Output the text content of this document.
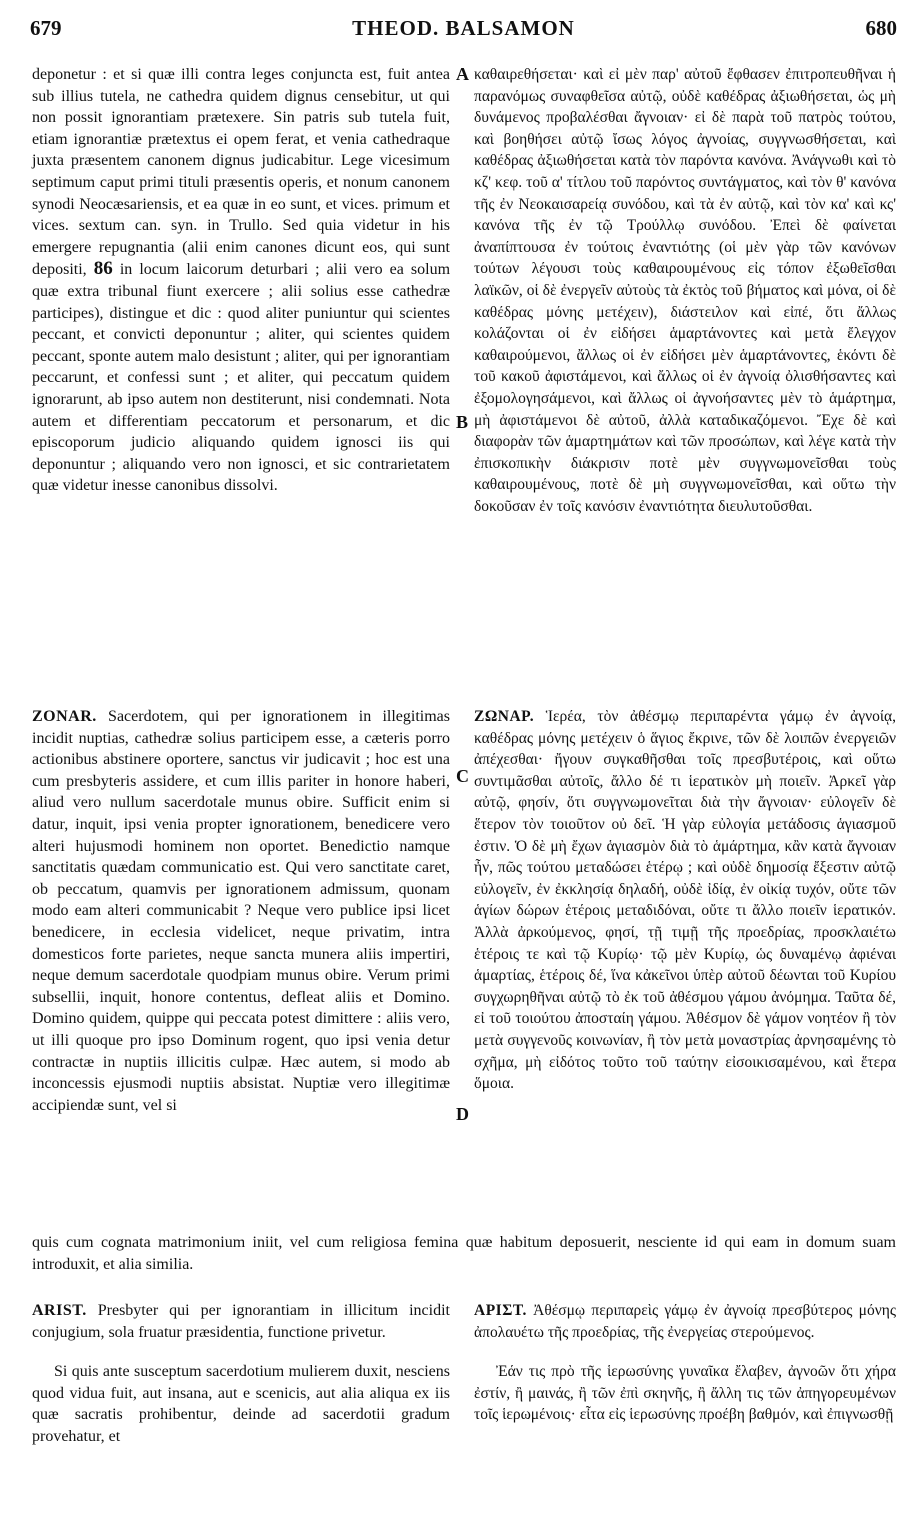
679	THEOD. BALSAMON	680

deponetur : et si quæ illi contra leges conjuncta est, fuit antea sub illius tutela, ne cathedra quidem dignus censebitur, ut qui non possit ignorantiam prætexere. Sin patris sub tutela fuit, etiam ignorantiæ prætextus ei opem ferat, et venia cathedraque juxta præsentem canonem dignus judicabitur. Lege vicesimum septimum caput primi tituli præsentis operis, et nonum canonem synodi Neocæsariensis, et ea quæ in eo sunt, et vices. primum et vices. sextum can. syn. in Trullo. Sed quia videtur in his emergere repugnantia (alii enim canones dicunt eos, qui sunt depositi, 86 in locum laicorum deturbari ; alii vero ea solum quæ extra tribunal fiunt exercere ; alii solius esse cathedræ participes), distingue et dic : quod aliter puniuntur qui scientes peccant, et convicti deponuntur ; aliter, qui scientes quidem peccant, sponte autem malo desistunt ; aliter, qui per ignorantiam peccarunt, et confessi sunt ; et aliter, qui peccatum quidem ignorarunt, ab ipso autem non destiterunt, nisi condemnati. Nota autem et differentiam peccatorum et personarum, et dic episcoporum judicio aliquando quidem ignosci iis qui deponuntur ; aliquando vero non ignosci, et sic contrarietatem quæ videtur inesse canonibus dissolvi.

ZONAR. Sacerdotem, qui per ignorationem in illegitimas incidit nuptias, cathedræ solius participem esse, a cæteris porro actionibus abstinere oportere, sanctus vir judicavit ; hoc est una cum presbyteris assidere, et cum illis pariter in honore haberi, aliud vero nullum sacerdotale munus obire. Sufficit enim si datur, inquit, ipsi venia propter ignorationem, benedicere vero alteri hujusmodi hominem non oportet. Benedictio namque sanctitatis quædam communicatio est. Qui vero sanctitate caret, ob peccatum, quamvis per ignorationem admissum, quonam modo eam alteri communicabit ? Neque vero publice ipsi licet benedicere, in ecclesia videlicet, neque privatim, intra domesticos forte parietes, neque sancta munera aliis impertiri, neque demum sacerdotale quodpiam munus obire. Verum primi subsellii, inquit, honore contentus, defleat aliis et Domino. Domino quidem, quippe qui peccata potest dimittere : aliis vero, ut illi quoque pro ipso Dominum rogent, quo ipsi venia detur contractæ in nuptiis illicitis culpæ. Hæc autem, si modo ab inconcessis ejusmodi nuptiis absistat. Nuptiæ vero illegitimæ accipiendæ sunt, vel si

καθαιρεθήσεται· καὶ εἰ μὲν παρ' αὐτοῦ ἔφθασεν ἐπιτροπευθῆναι ἡ παρανόμως συναφθεῖσα αὐτῷ, οὐδὲ καθέδρας ἀξιωθήσεται, ὡς μὴ δυνάμενος προβαλέσθαι ἄγνοιαν· εἰ δὲ παρὰ τοῦ πατρὸς τούτου, καὶ βοηθήσει αὐτῷ ἴσως λόγος ἀγνοίας, συγγνωσθήσεται, καὶ καθέδρας ἀξιωθήσεται κατὰ τὸν παρόντα κανόνα. Ἀνάγνωθι καὶ τὸ κζ' κεφ. τοῦ α' τίτλου τοῦ παρόντος συντάγματος, καὶ τὸν θ' κανόνα τῆς ἐν Νεοκαισαρείᾳ συνόδου, καὶ τὰ ἐν αὐτῷ, καὶ τὸν κα' καὶ κς' κανόνα τῆς ἐν τῷ Τρούλλῳ συνόδου. Ἐπεὶ δὲ φαίνεται ἀναπίπτουσα ἐν τούτοις ἐναντιότης (οἱ μὲν γὰρ τῶν κανόνων τούτων λέγουσι τοὺς καθαιρουμένους εἰς τόπον ἐξωθεῖσθαι λαϊκῶν, οἱ δὲ ἐνεργεῖν αὐτοὺς τὰ ἐκτὸς τοῦ βήματος καὶ μόνα, οἱ δὲ καθέδρας μόνης μετέχειν), διάστειλον καὶ εἰπέ, ὅτι ἄλλως κολάζονται οἱ ἐν εἰδήσει ἁμαρτάνοντες καὶ μετὰ ἔλεγχον καθαιρούμενοι, ἄλλως οἱ ἐν εἰδήσει μὲν ἁμαρτάνοντες, ἑκόντι δὲ τοῦ κακοῦ ἀφιστάμενοι, καὶ ἄλλως οἱ ἐν ἀγνοίᾳ ὀλισθήσαντες καὶ ἐξομολογησάμενοι, καὶ ἄλλως οἱ ἀγνοήσαντες μὲν τὸ ἁμάρτημα, μὴ ἀφιστάμενοι δὲ αὐτοῦ, ἀλλὰ καταδικαζόμενοι. Ἔχε δὲ καὶ διαφορὰν τῶν ἁμαρτημάτων καὶ τῶν προσώπων, καὶ λέγε κατὰ τὴν ἐπισκοπικὴν διάκρισιν ποτὲ μὲν συγγνωμονεῖσθαι τοὺς καθαιρουμένους, ποτὲ δὲ μὴ συγγνωμονεῖσθαι, καὶ οὕτω τὴν δοκοῦσαν ἐν τοῖς κανόσιν ἐναντιότητα διευλυτοῦσθαι.

ΖΩΝΑΡ. Ἱερέα, τὸν ἀθέσμῳ περιπαρέντα γάμῳ ἐν ἀγνοίᾳ, καθέδρας μόνης μετέχειν ὁ ἅγιος ἔκρινε, τῶν δὲ λοιπῶν ἐνεργειῶν ἀπέχεσθαι· ἤγουν συγκαθῆσθαι τοῖς πρεσβυτέροις, καὶ οὕτω συντιμᾶσθαι αὐτοῖς, ἄλλο δέ τι ἱερατικὸν μὴ ποιεῖν. Ἀρκεῖ γὰρ αὐτῷ, φησίν, ὅτι συγγνωμονεῖται διὰ τὴν ἄγνοιαν· εὐλογεῖν δὲ ἕτερον τὸν τοιοῦτον οὐ δεῖ. Ἡ γὰρ εὐλογία μετάδοσις ἁγιασμοῦ ἐστιν. Ὁ δὲ μὴ ἔχων ἁγιασμὸν διὰ τὸ ἁμάρτημα, κἂν κατὰ ἄγνοιαν ἦν, πῶς τούτου μεταδώσει ἑτέρῳ ; καὶ οὐδὲ δημοσίᾳ ἔξεστιν αὐτῷ εὐλογεῖν, ἐν ἐκκλησίᾳ δηλαδή, οὐδὲ ἰδίᾳ, ἐν οἰκίᾳ τυχόν, οὔτε τῶν ἁγίων δώρων ἑτέροις μεταδιδόναι, οὔτε τι ἄλλο ποιεῖν ἱερατικόν. Ἀλλὰ ἀρκούμενος, φησί, τῇ τιμῇ τῆς προεδρίας, προσκλαιέτω ἑτέροις τε καὶ τῷ Κυρίῳ· τῷ μὲν Κυρίῳ, ὡς δυναμένῳ ἀφιέναι ἁμαρτίας, ἑτέροις δέ, ἵνα κἀκεῖνοι ὑπὲρ αὐτοῦ δέωνται τοῦ Κυρίου συγχωρηθῆναι αὐτῷ τὸ ἐκ τοῦ ἀθέσμου γάμου ἀνόμημα. Ταῦτα δέ, εἰ τοῦ τοιούτου ἀποσταίη γάμου. Ἀθέσμον δὲ γάμον νοητέον ἢ τὸν μετὰ συγγενοῦς κοινωνίαν, ἢ τὸν μετὰ μοναστρίας ἀρνησαμένης τὸ σχῆμα, μὴ εἰδότος τοῦτο τοῦ ταύτην εἰσοικισαμένου, καὶ ἕτερα ὅμοια.

quis cum cognata matrimonium iniit, vel cum religiosa femina quæ habitum deposuerit, nesciente id qui eam in domum suam introduxit, et alia similia.

ARIST. Presbyter qui per ignorantiam in illicitum incidit conjugium, sola fruatur præsidentia, functione privetur.

Si quis ante susceptum sacerdotium mulierem duxit, nesciens quod vidua fuit, aut insana, aut e scenicis, aut alia aliqua ex iis quæ sacratis prohibentur, deinde ad sacerdotii gradum provehatur, et

ΑΡΙΣΤ. Ἀθέσμῳ περιπαρεὶς γάμῳ ἐν ἀγνοίᾳ πρεσβύτερος μόνης ἀπολαυέτω τῆς προεδρίας, τῆς ἐνεργείας στερούμενος.

Ἐάν τις πρὸ τῆς ἱερωσύνης γυναῖκα ἔλαβεν, ἀγνοῶν ὅτι χήρα ἐστίν, ἢ μαινάς, ἢ τῶν ἐπὶ σκηνῆς, ἢ ἄλλη τις τῶν ἀπηγορευμένων τοῖς ἱερωμένοις· εἶτα εἰς ἱερωσύνης προέβη βαθμόν, καὶ ἐπιγνωσθῇ

A
B
C
D
